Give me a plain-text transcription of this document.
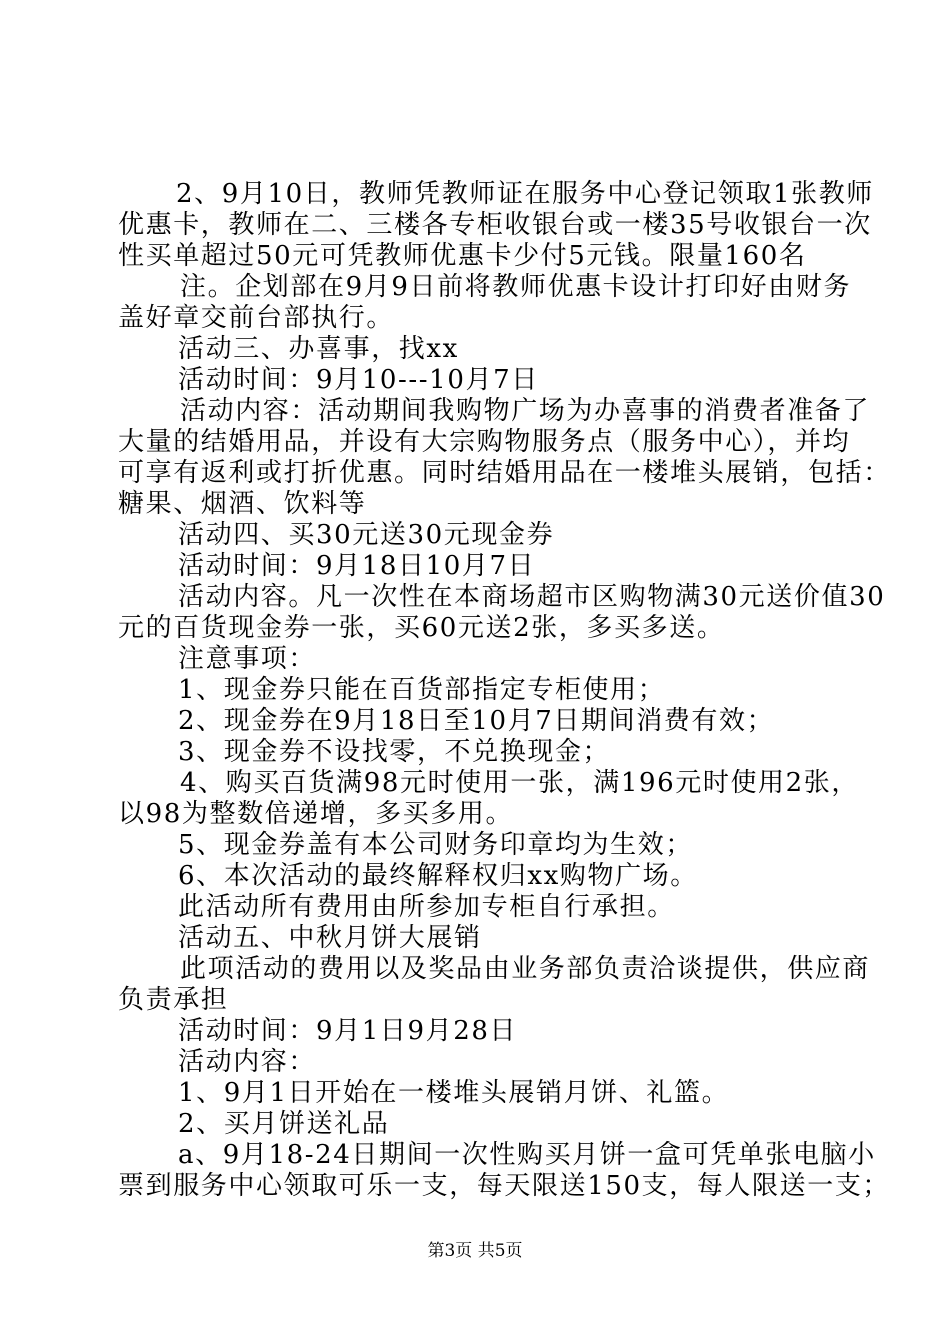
2、9月10日，教师凭教师证在服务中心登记领取1张教师
优惠卡，教师在二、三楼各专柜收银台或一楼35号收银台一次
性买单超过50元可凭教师优惠卡少付5元钱。限量160名
注。企划部在9月9日前将教师优惠卡设计打印好由财务
盖好章交前台部执行。
活动三、办喜事，找xx
活动时间：9月10---10月7日
活动内容：活动期间我购物广场为办喜事的消费者准备了
大量的结婚用品，并设有大宗购物服务点（服务中心），并均
可享有返利或打折优惠。同时结婚用品在一楼堆头展销，包括：
糖果、烟酒、饮料等
活动四、买30元送30元现金券
活动时间：9月18日10月7日
活动内容。凡一次性在本商场超市区购物满30元送价值30
元的百货现金券一张，买60元送2张，多买多送。
注意事项：
1、现金券只能在百货部指定专柜使用；
2、现金券在9月18日至10月7日期间消费有效；
3、现金券不设找零，不兑换现金；
4、购买百货满98元时使用一张，满196元时使用2张，
以98为整数倍递增，多买多用。
5、现金券盖有本公司财务印章均为生效；
6、本次活动的最终解释权归xx购物广场。
此活动所有费用由所参加专柜自行承担。
活动五、中秋月饼大展销
此项活动的费用以及奖品由业务部负责洽谈提供，供应商
负责承担
活动时间：9月1日9月28日
活动内容：
1、9月1日开始在一楼堆头展销月饼、礼篮。
2、买月饼送礼品
a、9月18-24日期间一次性购买月饼一盒可凭单张电脑小
票到服务中心领取可乐一支，每天限送150支，每人限送一支；
第3页 共5页
